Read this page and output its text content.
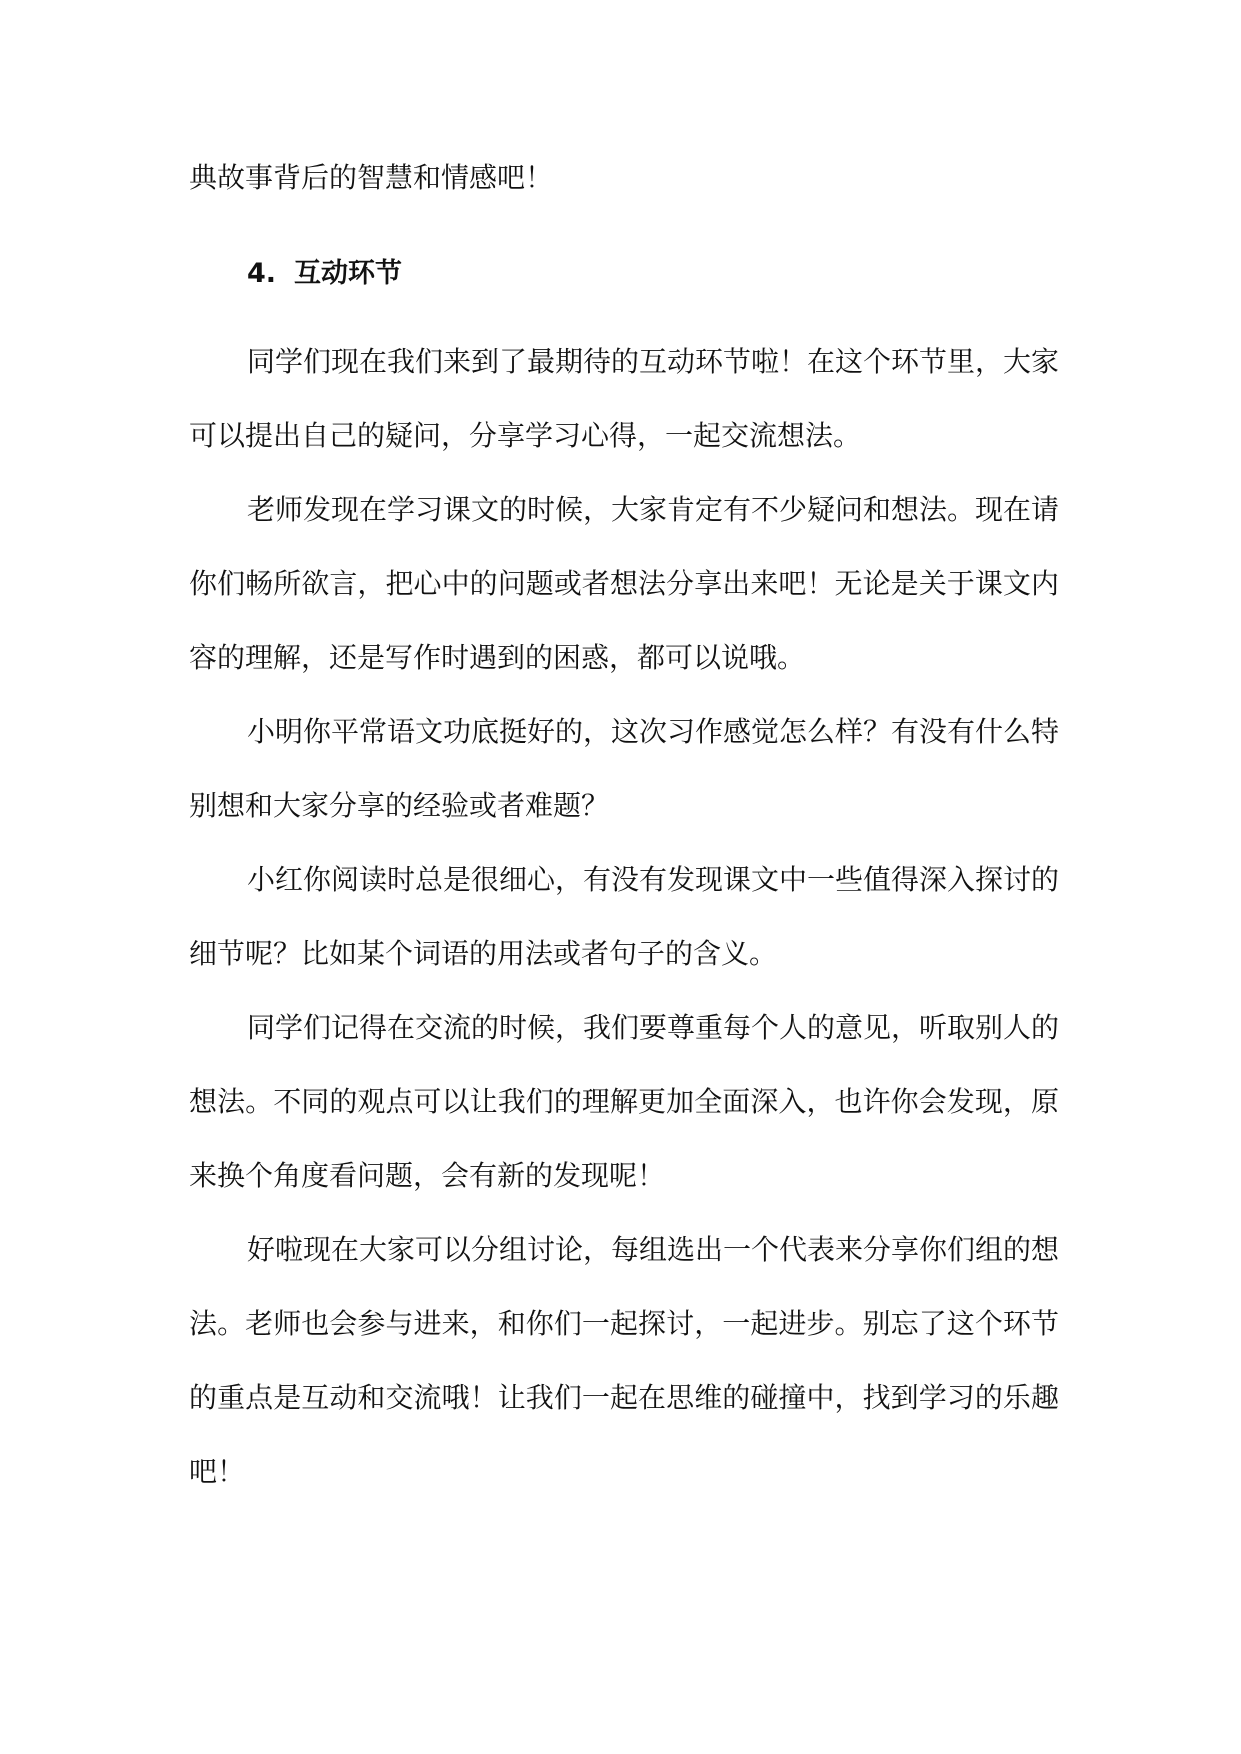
典故事背后的智慧和情感吧！

4. 互动环节

同学们现在我们来到了最期待的互动环节啦！在这个环节里，大家可以提出自己的疑问，分享学习心得，一起交流想法。

老师发现在学习课文的时候，大家肯定有不少疑问和想法。现在请你们畅所欲言，把心中的问题或者想法分享出来吧！无论是关于课文内容的理解，还是写作时遇到的困惑，都可以说哦。

小明你平常语文功底挺好的，这次习作感觉怎么样？有没有什么特别想和大家分享的经验或者难题？

小红你阅读时总是很细心，有没有发现课文中一些值得深入探讨的细节呢？比如某个词语的用法或者句子的含义。

同学们记得在交流的时候，我们要尊重每个人的意见，听取别人的想法。不同的观点可以让我们的理解更加全面深入，也许你会发现，原来换个角度看问题，会有新的发现呢！

好啦现在大家可以分组讨论，每组选出一个代表来分享你们组的想法。老师也会参与进来，和你们一起探讨，一起进步。别忘了这个环节的重点是互动和交流哦！让我们一起在思维的碰撞中，找到学习的乐趣吧！
